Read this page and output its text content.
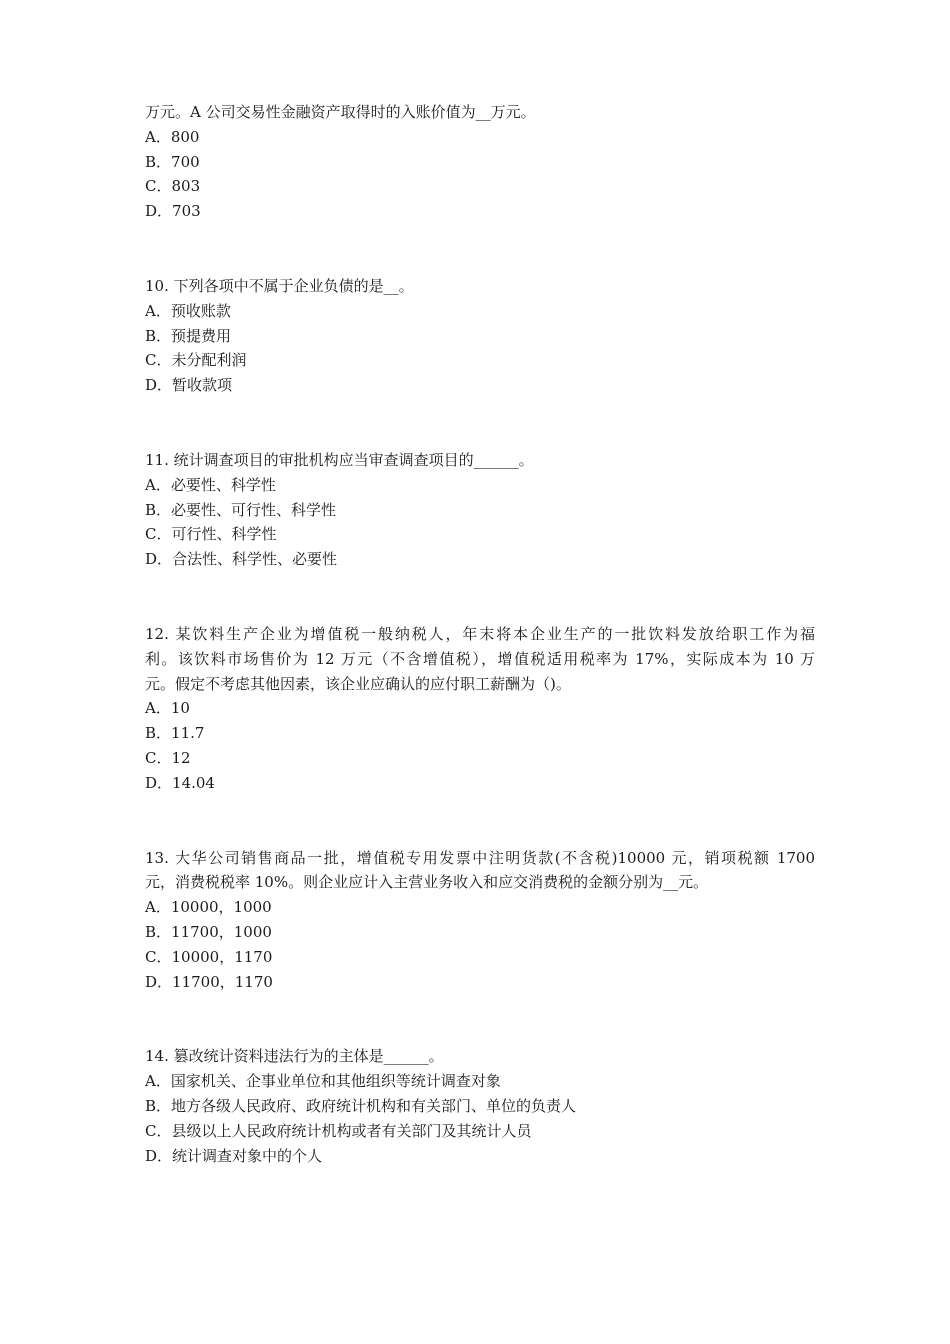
万元。A 公司交易性金融资产取得时的入账价值为__万元。

A．800

B．700

C．803

D．703

10. 下列各项中不属于企业负债的是__。

A．预收账款

B．预提费用

C．未分配利润

D．暂收款项

11. 统计调查项目的审批机构应当审查调查项目的______。

A．必要性、科学性

B．必要性、可行性、科学性

C．可行性、科学性

D．合法性、科学性、必要性

12. 某饮料生产企业为增值税一般纳税人，年末将本企业生产的一批饮料发放给职工作为福

利。该饮料市场售价为 12 万元（不含增值税），增值税适用税率为 17%，实际成本为 10 万

元。假定不考虑其他因素，该企业应确认的应付职工薪酬为（)。

A．10

B．11.7

C．12

D．14.04

13. 大华公司销售商品一批，增值税专用发票中注明货款(不含税)10000 元，销项税额 1700

元，消费税税率 10%。则企业应计入主营业务收入和应交消费税的金额分别为__元。

A．10000，1000

B．11700，1000

C．10000，1170

D．11700，1170

14. 篡改统计资料违法行为的主体是______。

A．国家机关、企事业单位和其他组织等统计调查对象

B．地方各级人民政府、政府统计机构和有关部门、单位的负责人

C．县级以上人民政府统计机构或者有关部门及其统计人员

D．统计调查对象中的个人
